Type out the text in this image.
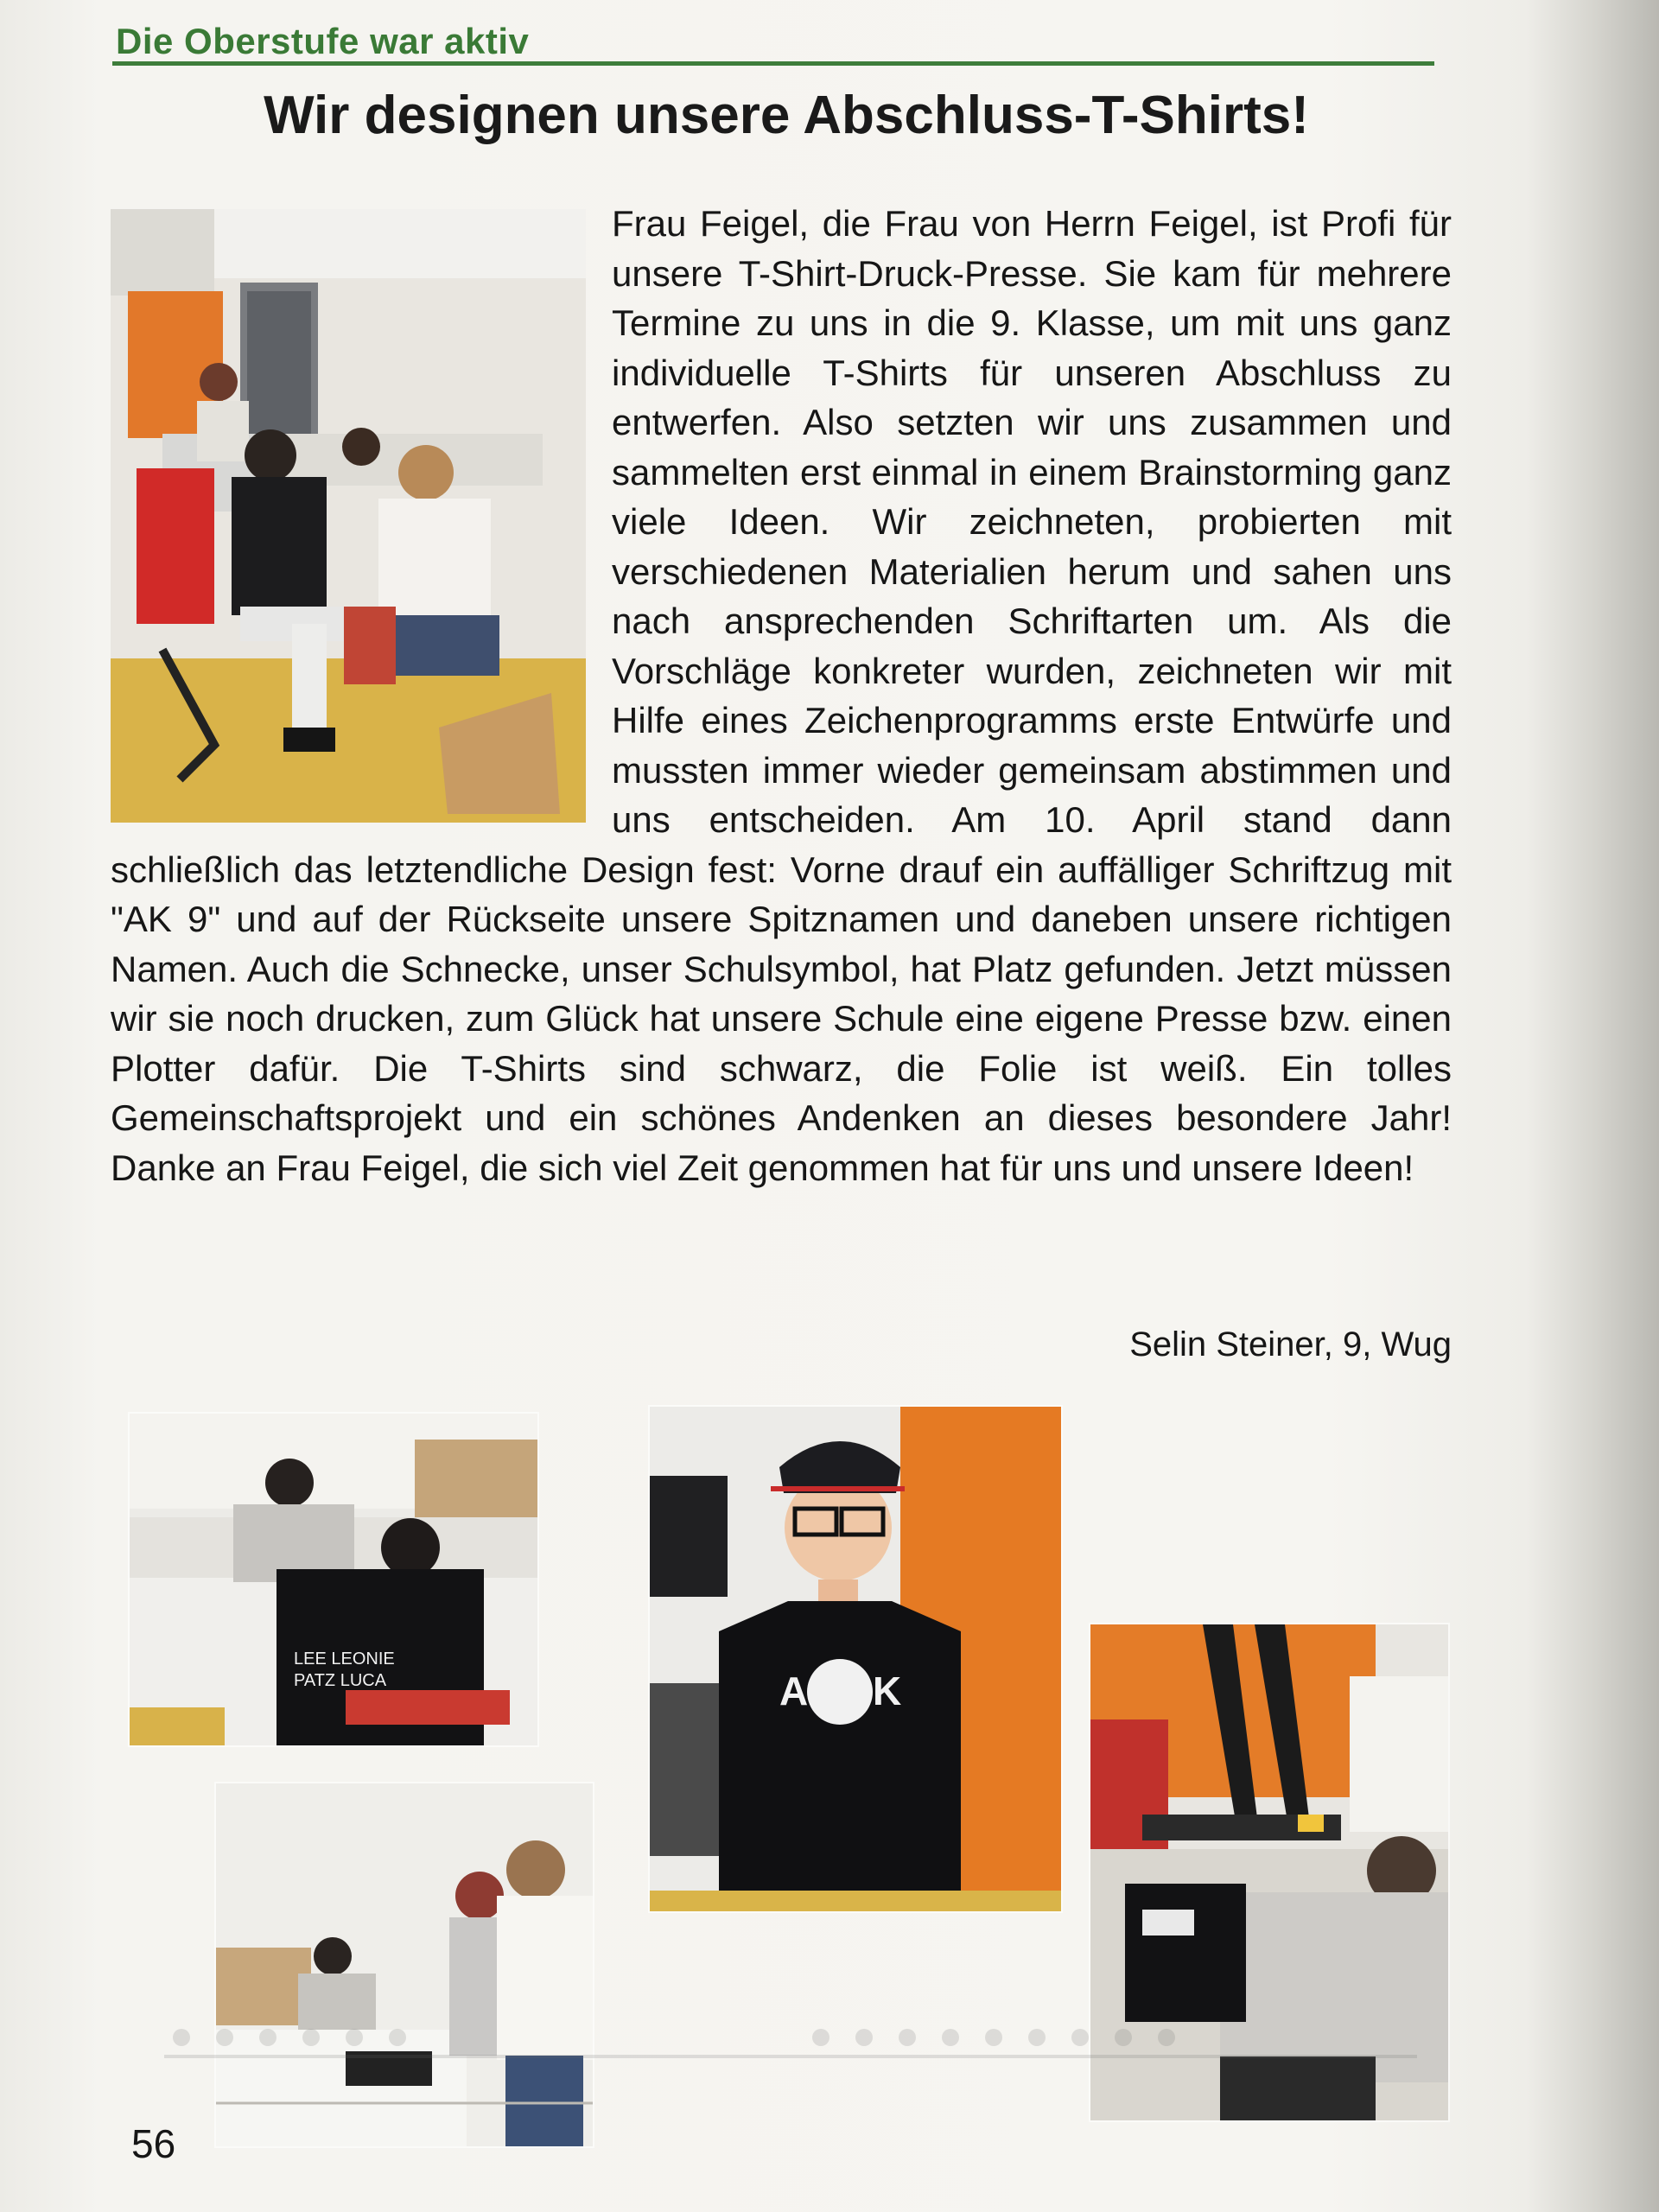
Die Oberstufe war aktiv
Wir designen unsere Abschluss-T-Shirts!
Frau Feigel, die Frau von Herrn Feigel, ist Profi für unsere T-Shirt-Druck-Presse. Sie kam für mehrere Termine zu uns in die 9. Klasse, um mit uns ganz individuelle T-Shirts für unseren Abschluss zu entwerfen. Also setzten wir uns zusammen und sammelten erst einmal in einem Brainstorming ganz viele Ideen. Wir zeichneten, probierten mit verschiedenen Materialien herum und sahen uns nach ansprechenden Schriftarten um. Als die Vorschläge konkreter wurden, zeichneten wir mit Hilfe eines Zeichenprogramms erste Entwürfe und mussten immer wieder gemeinsam abstimmen und uns entscheiden. Am 10. April stand dann schließlich das letztendliche Design fest: Vorne drauf ein auffälliger Schriftzug mit "AK 9" und auf der Rückseite unsere Spitznamen und daneben unsere richtigen Namen. Auch die Schnecke, unser Schulsymbol, hat Platz gefunden. Jetzt müssen wir sie noch drucken, zum Glück hat unsere Schule eine eigene Presse bzw. einen Plotter dafür. Die T-Shirts sind schwarz, die Folie ist weiß. Ein tolles Gemeinschaftsprojekt und ein schönes Andenken an dieses besondere Jahr! Danke an Frau Feigel, die sich viel Zeit genommen hat für uns und unsere Ideen!
Selin Steiner, 9, Wug
LEE LEONIE
PATZ LUCA	A K
56
